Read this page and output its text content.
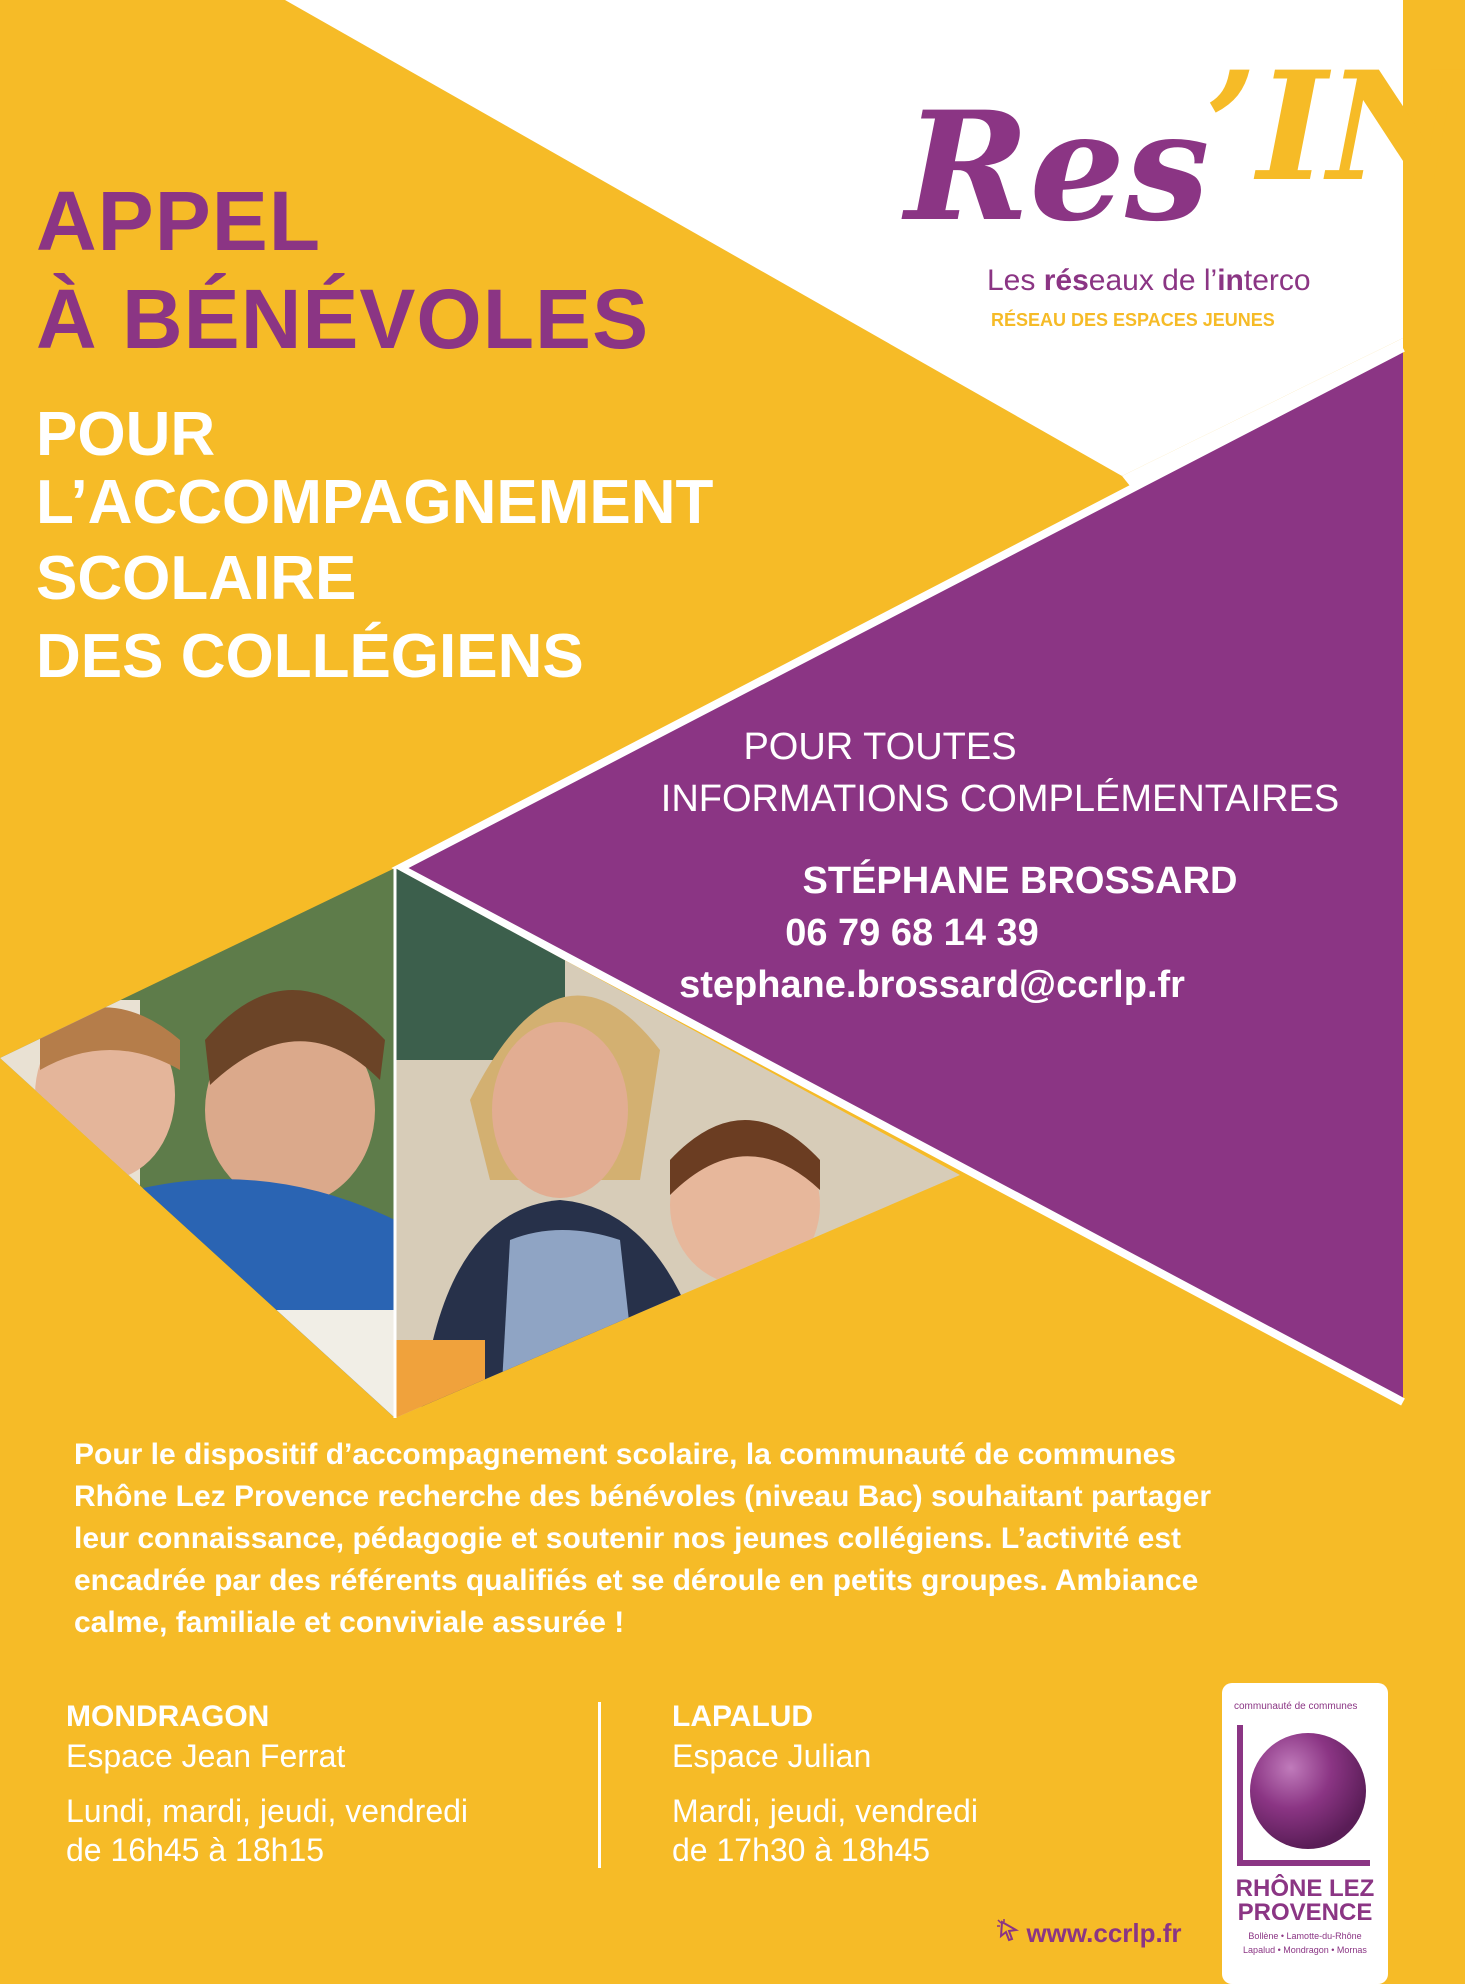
Res
’IN
Les réseaux de l’interco
RÉSEAU DES ESPACES JEUNES
APPEL
À BÉNÉVOLES
POUR
L’ACCOMPAGNEMENT
SCOLAIRE
DES COLLÉGIENS
POUR TOUTES
INFORMATIONS COMPLÉMENTAIRES
STÉPHANE BROSSARD
06 79 68 14 39
stephane.brossard@ccrlp.fr
Pour le dispositif d’accompagnement scolaire, la communauté de communes
Rhône Lez Provence recherche des bénévoles (niveau Bac) souhaitant partager
leur connaissance, pédagogie et soutenir nos jeunes collégiens. L’activité est
encadrée par des référents qualifiés et se déroule en petits groupes. Ambiance
calme, familiale et conviviale assurée !
MONDRAGON
Espace Jean Ferrat
Lundi, mardi, jeudi, vendredi
de 16h45 à 18h15
LAPALUD
Espace Julian
Mardi, jeudi, vendredi
de 17h30 à 18h45
communauté de communes
RHÔNE LEZ
PROVENCE
Bollène • Lamotte-du-Rhône
Lapalud • Mondragon • Mornas
www.ccrlp.fr
